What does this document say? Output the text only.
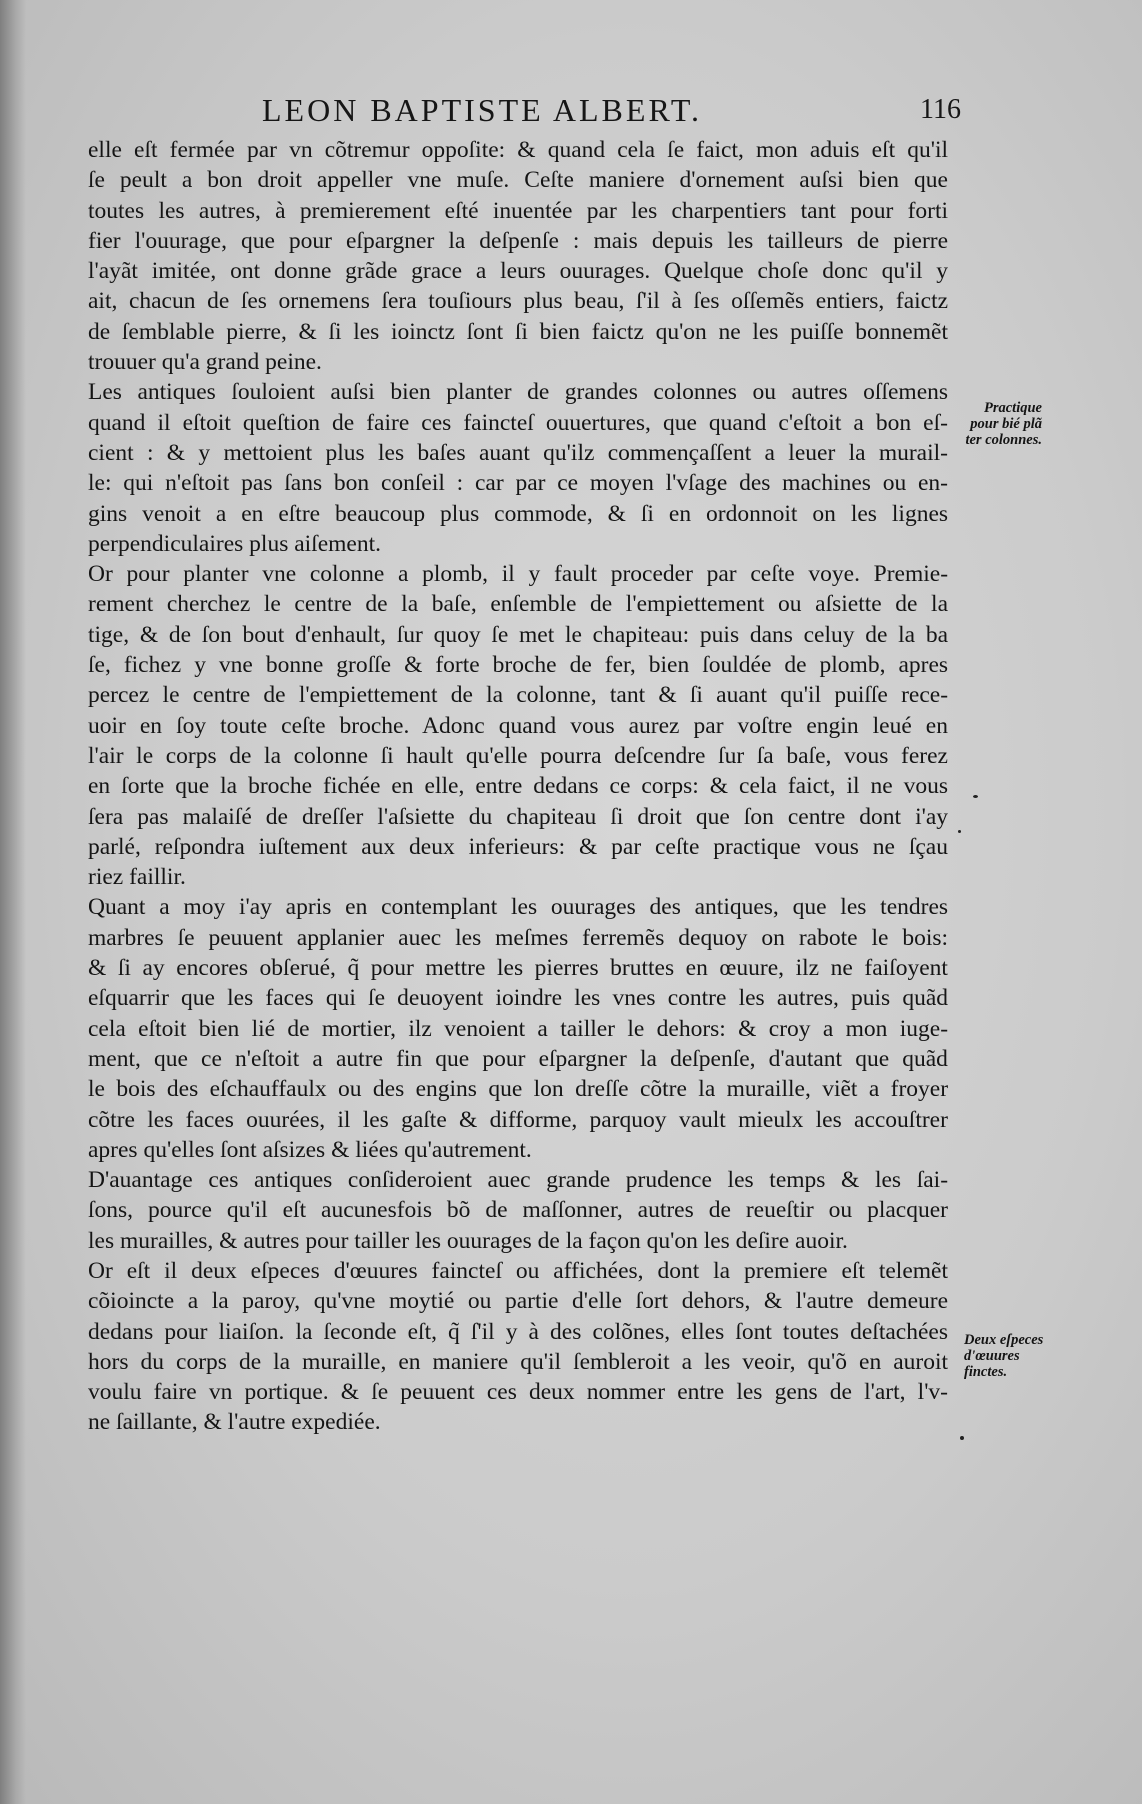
LEON BAPTISTE ALBERT.	116
elle eſt fermée par vn cõtremur oppoſite: & quand cela ſe faict, mon aduis eſt qu'il
ſe peult a bon droit appeller vne muſe. Ceſte maniere d'ornement auſsi bien que
toutes les autres, à premierement eſté inuentée par les charpentiers tant pour forti
fier l'ouurage, que pour eſpargner la deſpenſe : mais depuis les tailleurs de pierre
l'ayãt imitée, ont donne grãde grace a leurs ouurages. Quelque choſe donc qu'il y
ait, chacun de ſes ornemens ſera touſiours plus beau, ſ'il à ſes oſſemẽs entiers, faictz
de ſemblable pierre, & ſi les ioinctz ſont ſi bien faictz qu'on ne les puiſſe bonnemẽt
trouuer qu'a grand peine.
Les antiques ſouloient auſsi bien planter de grandes colonnes ou autres oſſemens
quand il eſtoit queſtion de faire ces faincteſ ouuertures, que quand c'eſtoit a bon eſ-
cient : & y mettoient plus les baſes auant qu'ilz commençaſſent a leuer la murail-
le: qui n'eſtoit pas ſans bon conſeil : car par ce moyen l'vſage des machines ou en-
gins venoit a en eſtre beaucoup plus commode, & ſi en ordonnoit on les lignes
perpendiculaires plus aiſement.
Or pour planter vne colonne a plomb, il y fault proceder par ceſte voye. Premie-
rement cherchez le centre de la baſe, enſemble de l'empiettement ou aſsiette de la
tige, & de ſon bout d'enhault, ſur quoy ſe met le chapiteau: puis dans celuy de la ba
ſe, fichez y vne bonne groſſe & forte broche de fer, bien ſouldée de plomb, apres
percez le centre de l'empiettement de la colonne, tant & ſi auant qu'il puiſſe rece-
uoir en ſoy toute ceſte broche. Adonc quand vous aurez par voſtre engin leué en
l'air le corps de la colonne ſi hault qu'elle pourra deſcendre ſur ſa baſe, vous ferez
en ſorte que la broche fichée en elle, entre dedans ce corps: & cela faict, il ne vous
ſera pas malaiſé de dreſſer l'aſsiette du chapiteau ſi droit que ſon centre dont i'ay
parlé, reſpondra iuſtement aux deux inferieurs: & par ceſte practique vous ne ſçau
riez faillir.
Quant a moy i'ay apris en contemplant les ouurages des antiques, que les tendres
marbres ſe peuuent applanier auec les meſmes ferremẽs dequoy on rabote le bois:
& ſi ay encores obſerué, q̃ pour mettre les pierres bruttes en œuure, ilz ne faiſoyent
eſquarrir que les faces qui ſe deuoyent ioindre les vnes contre les autres, puis quãd
cela eſtoit bien lié de mortier, ilz venoient a tailler le dehors: & croy a mon iuge-
ment, que ce n'eſtoit a autre fin que pour eſpargner la deſpenſe, d'autant que quãd
le bois des eſchauffaulx ou des engins que lon dreſſe cõtre la muraille, viẽt a froyer
cõtre les faces ouurées, il les gaſte & difforme, parquoy vault mieulx les accouſtrer
apres qu'elles ſont aſsizes & liées qu'autrement.
D'auantage ces antiques conſideroient auec grande prudence les temps & les ſai-
ſons, pource qu'il eſt aucunesfois bõ de maſſonner, autres de reueſtir ou placquer
les murailles, & autres pour tailler les ouurages de la façon qu'on les deſire auoir.
Or eſt il deux eſpeces d'œuures faincteſ ou affichées, dont la premiere eſt telemẽt
cõioincte a la paroy, qu'vne moytié ou partie d'elle ſort dehors, & l'autre demeure
dedans pour liaiſon. la ſeconde eſt, q̃ ſ'il y à des colõnes, elles ſont toutes deſtachées
hors du corps de la muraille, en maniere qu'il ſembleroit a les veoir, qu'õ en auroit
voulu faire vn portique. & ſe peuuent ces deux nommer entre les gens de l'art, l'v-
ne ſaillante, & l'autre expediée.
Practique
pour bié plã
ter colonnes.
Deux eſpeces
d'œuures
finctes.
